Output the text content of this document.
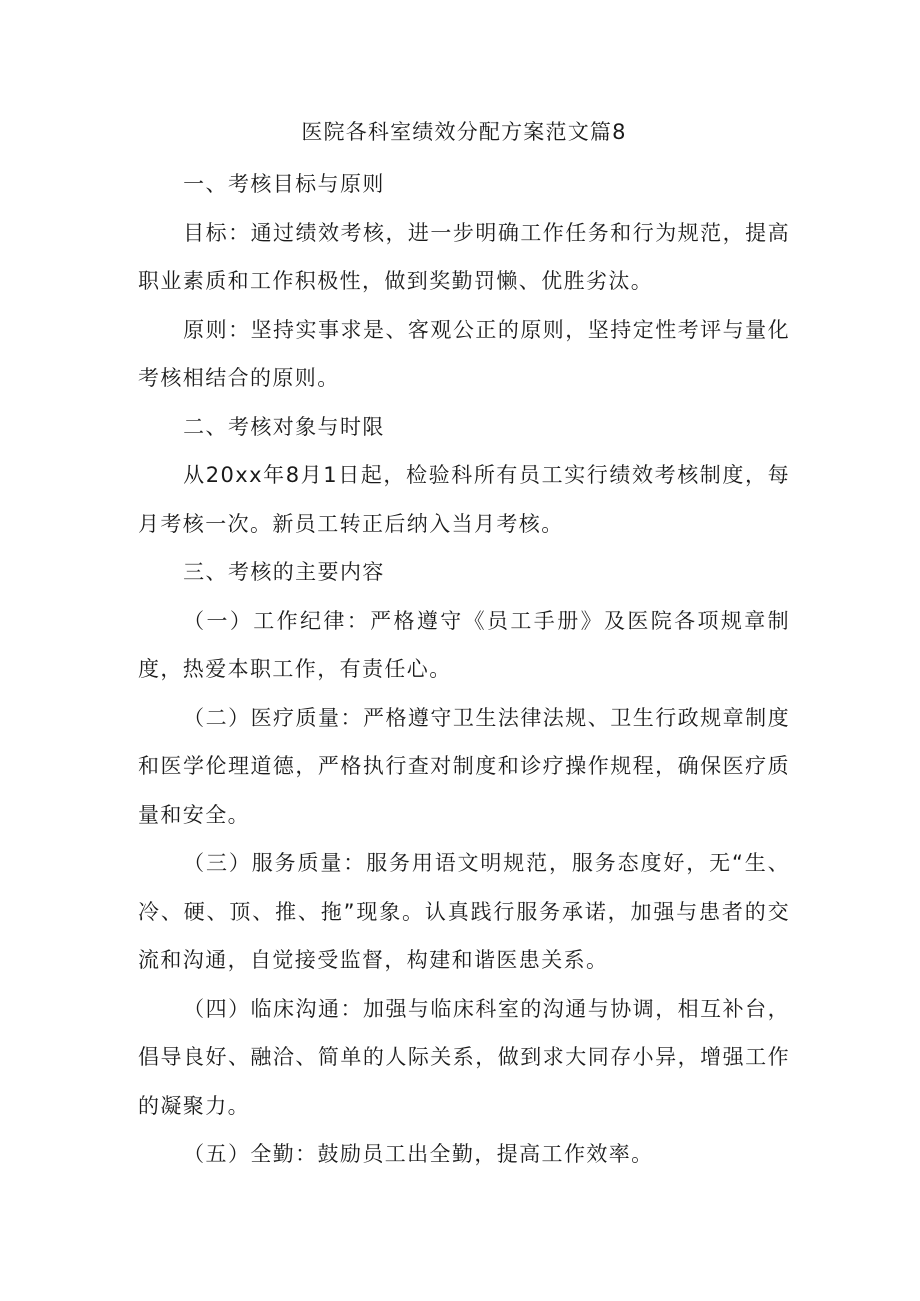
医院各科室绩效分配方案范文篇8
一、考核目标与原则

目标：通过绩效考核，进一步明确工作任务和行为规范，提高职业素质和工作积极性，做到奖勤罚懒、优胜劣汰。

原则：坚持实事求是、客观公正的原则，坚持定性考评与量化考核相结合的原则。

二、考核对象与时限

从20xx年8月1日起，检验科所有员工实行绩效考核制度，每月考核一次。新员工转正后纳入当月考核。

三、考核的主要内容

（一）工作纪律：严格遵守《员工手册》及医院各项规章制度，热爱本职工作，有责任心。

（二）医疗质量：严格遵守卫生法律法规、卫生行政规章制度和医学伦理道德，严格执行查对制度和诊疗操作规程，确保医疗质量和安全。

（三）服务质量：服务用语文明规范，服务态度好，无“生、冷、硬、顶、推、拖”现象。认真践行服务承诺，加强与患者的交流和沟通，自觉接受监督，构建和谐医患关系。

（四）临床沟通：加强与临床科室的沟通与协调，相互补台，倡导良好、融洽、简单的人际关系，做到求大同存小异，增强工作的凝聚力。

（五）全勤：鼓励员工出全勤，提高工作效率。
